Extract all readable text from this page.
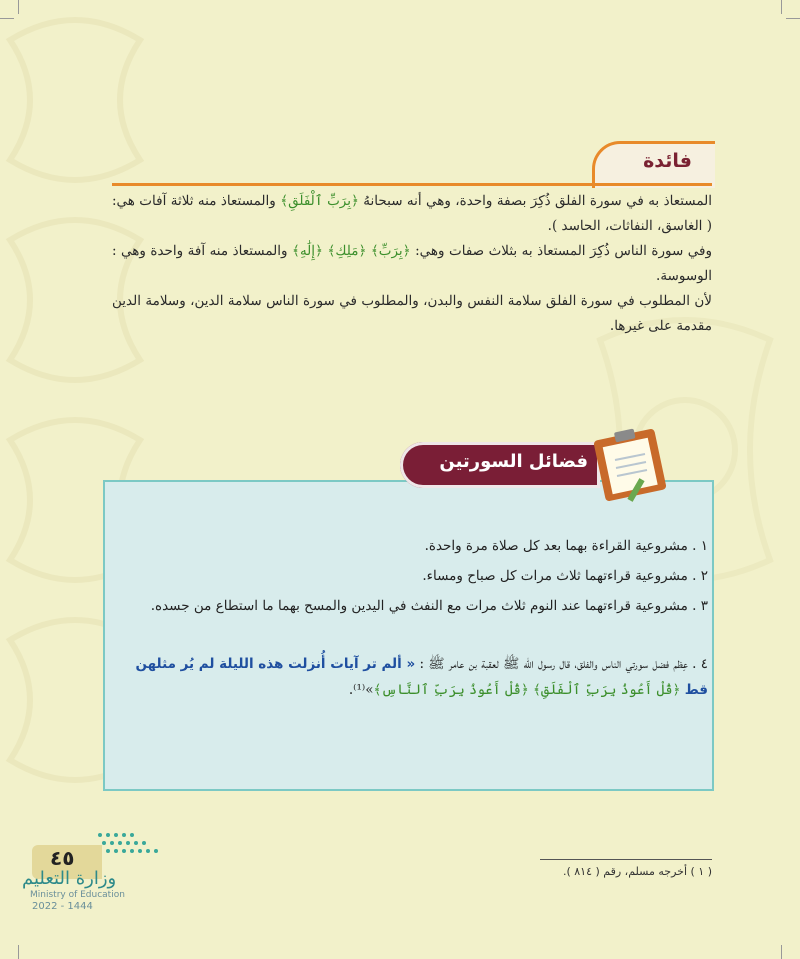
فائدة
المستعاذ به في سورة الفلق ذُكِرَ بصفة واحدة، وهي أنه سبحانهُ ﴿بِرَبِّ ٱلْفَلَقِ﴾ والمستعاذ منه ثلاثة آفات هي: ( الغاسق، النفاثات، الحاسد ).
وفي سورة الناس ذُكِرَ المستعاذ به بثلاث صفات وهي: ﴿بِرَبِّ﴾ ﴿مَلِكِ﴾ ﴿إِلَٰهِ﴾ والمستعاذ منه آفة واحدة وهي : الوسوسة.
لأن المطلوب في سورة الفلق سلامة النفس والبدن، والمطلوب في سورة الناس سلامة الدين، وسلامة الدين مقدمة على غيرها.
فضائل السورتين
١ . مشروعية القراءة بهما بعد كل صلاة مرة واحدة.
٢ . مشروعية قراءتهما ثلاث مرات كل صباح ومساء.
٣ . مشروعية قراءتهما عند النوم ثلاث مرات مع النفث في اليدين والمسح بهما ما استطاع من جسده.
٤ . عِظم فضل سورتي الناس والفلق، قال رسول الله ﷺ لعقبة بن عامر ﷺ : « ألم تر آيات أُنزلت هذه الليلة لم يُر مثلهن قط ﴿قُلْ أَعُوذُ بِرَبِّ ٱلْفَلَقِ﴾ ﴿قُلْ أَعُوذُ بِرَبِّ ٱلنَّاسِ﴾»⁽¹⁾.
( ١ ) أخرجه مسلم، رقم ( ٨١٤ ).
٤٥
وزارة التعليم
Ministry of Education
2022 - 1444
